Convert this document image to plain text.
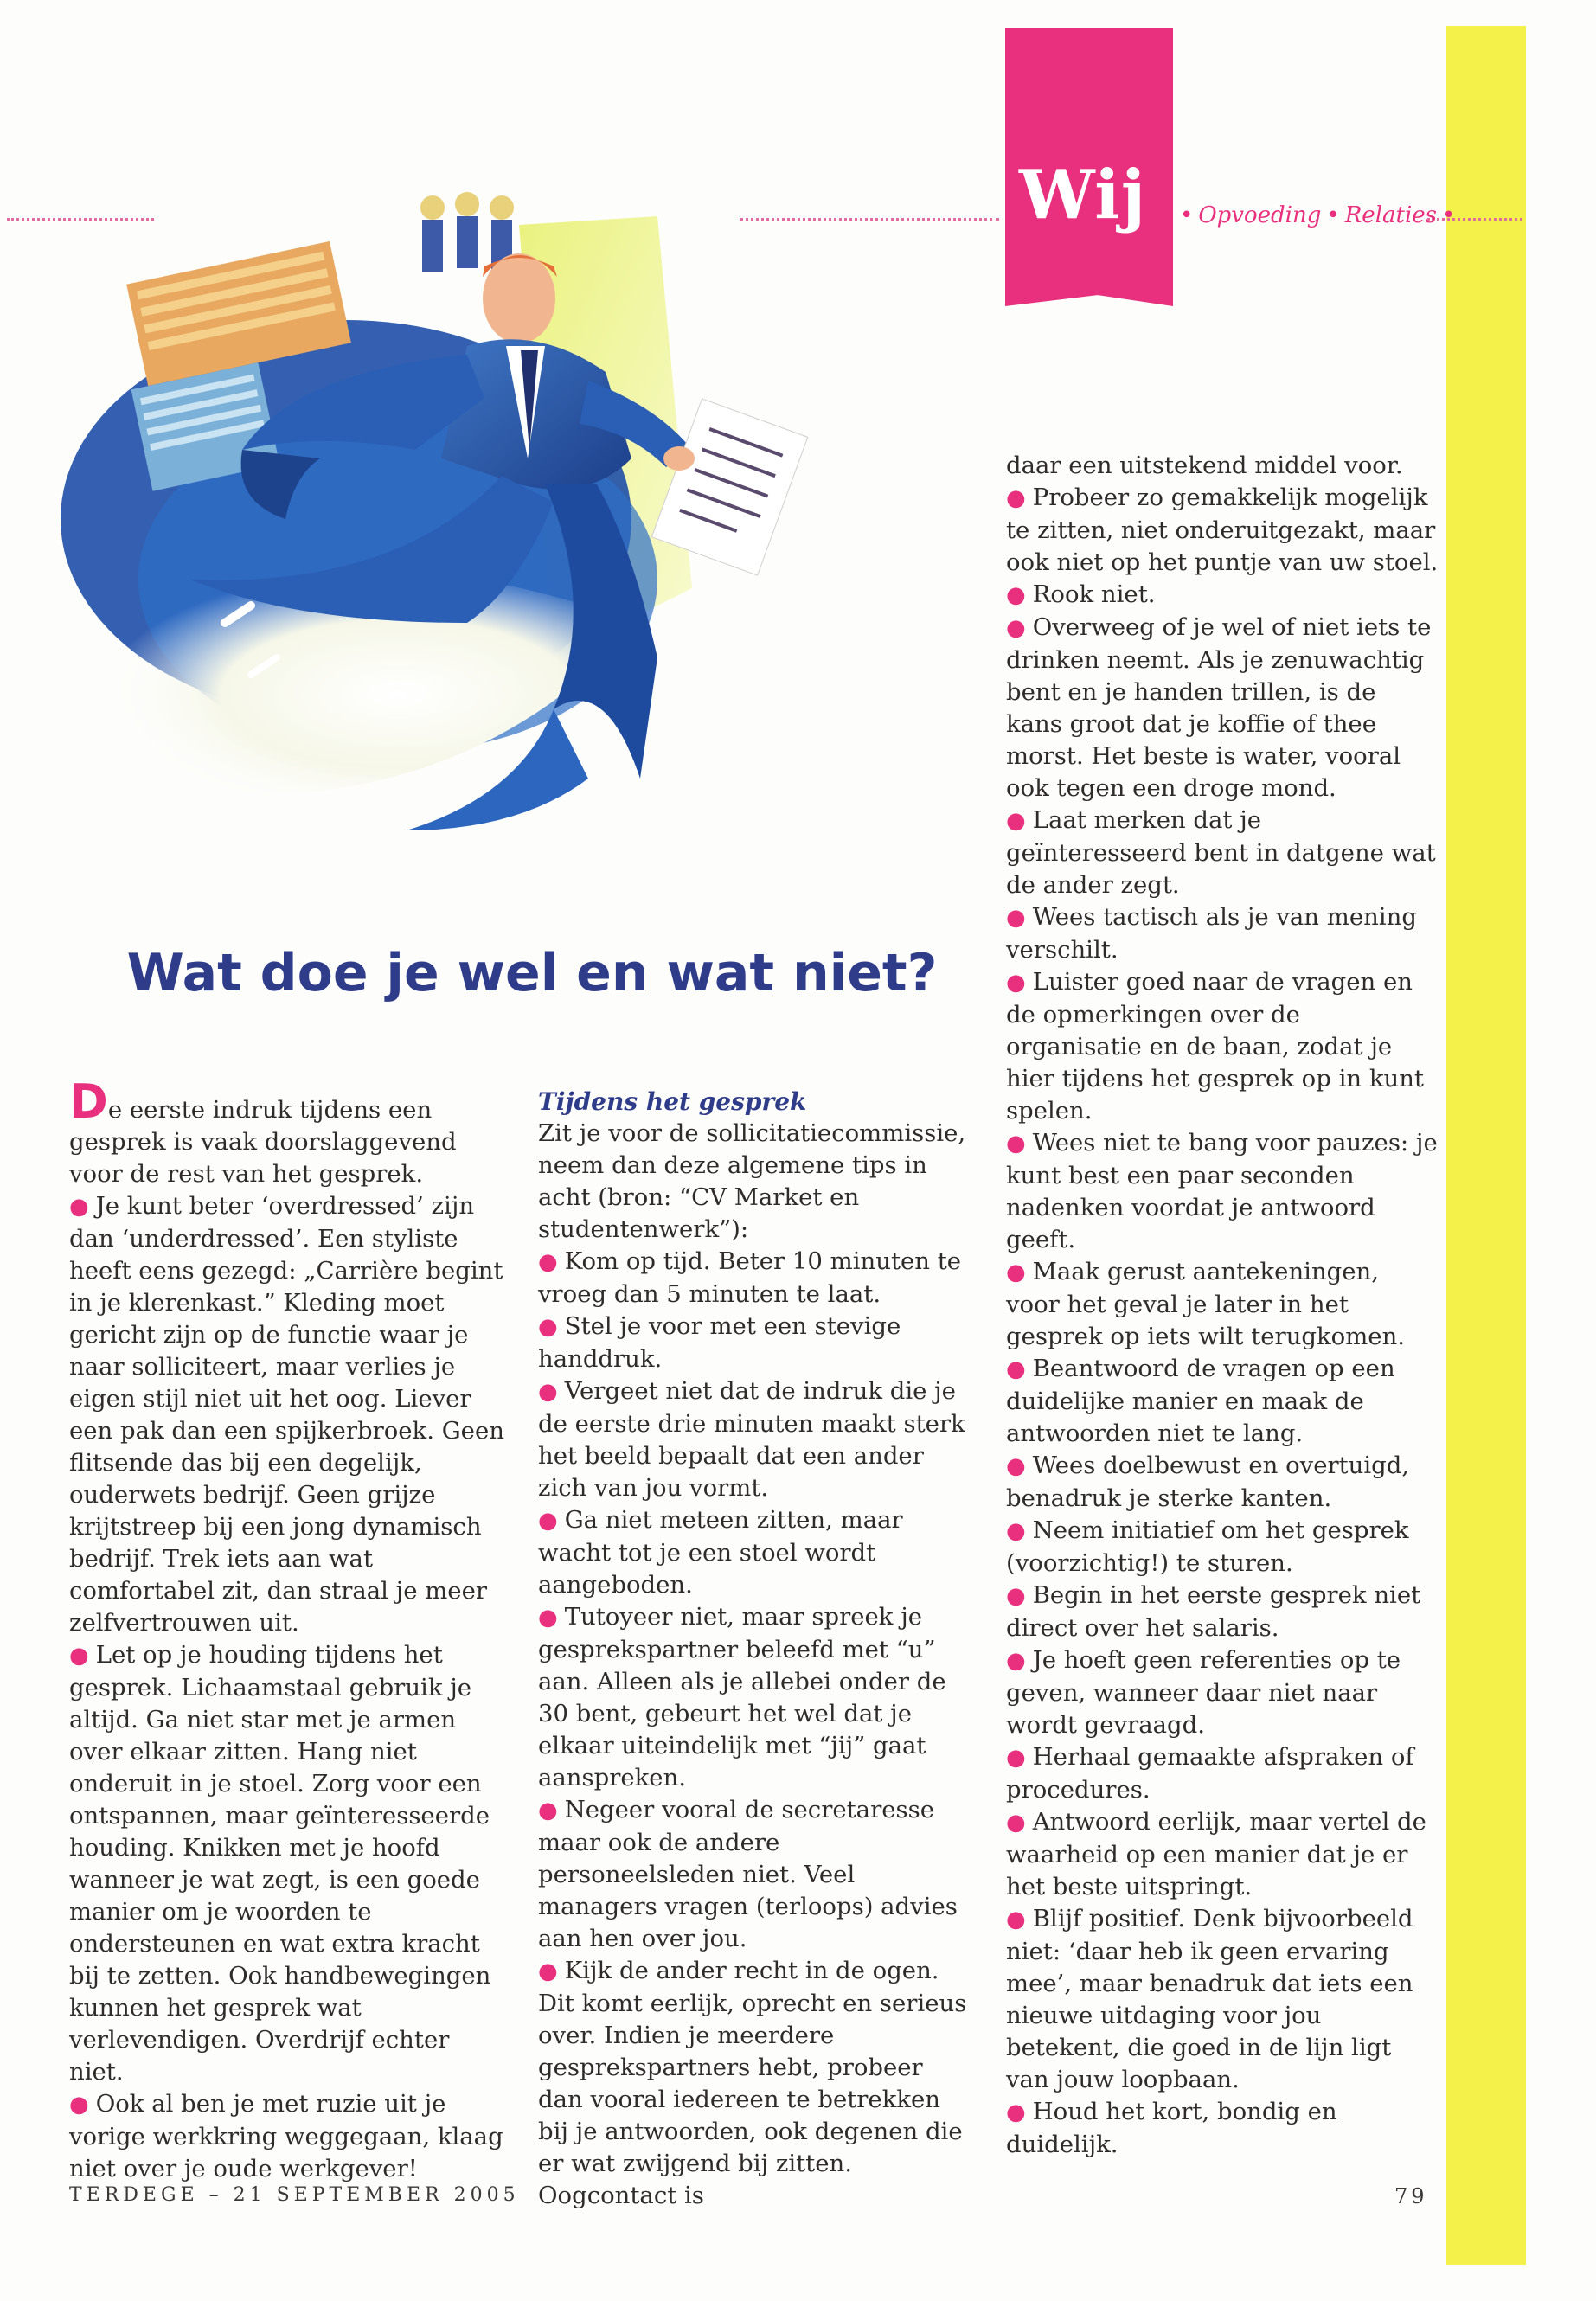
Wij • Opvoeding • Relaties •
Wat doe je wel en wat niet?

De eerste indruk tijdens een gesprek is vaak doorslaggevend voor de rest van het gesprek.

● Je kunt beter ‘overdressed’ zijn dan ‘underdressed’. Een styliste heeft eens gezegd: „Carrière begint in je klerenkast.” Kleding moet gericht zijn op de functie waar je naar solliciteert, maar verlies je eigen stijl niet uit het oog. Liever een pak dan een spijkerbroek. Geen flitsende das bij een degelijk, ouderwets bedrijf. Geen grijze krijtstreep bij een jong dynamisch bedrijf. Trek iets aan wat comfortabel zit, dan straal je meer zelfvertrouwen uit.

● Let op je houding tijdens het gesprek. Lichaamstaal gebruik je altijd. Ga niet star met je armen over elkaar zitten. Hang niet onderuit in je stoel. Zorg voor een ontspannen, maar geïnteresseerde houding. Knikken met je hoofd wanneer je wat zegt, is een goede manier om je woorden te ondersteunen en wat extra kracht bij te zetten. Ook handbewegingen kunnen het gesprek wat verlevendigen. Overdrijf echter niet.

● Ook al ben je met ruzie uit je vorige werkkring weggegaan, klaag niet over je oude werkgever!

Tijdens het gesprek

Zit je voor de sollicitatiecommissie, neem dan deze algemene tips in acht (bron: “CV Market en studentenwerk”):

● Kom op tijd. Beter 10 minuten te vroeg dan 5 minuten te laat.

● Stel je voor met een stevige handdruk.

● Vergeet niet dat de indruk die je de eerste drie minuten maakt sterk het beeld bepaalt dat een ander zich van jou vormt.

● Ga niet meteen zitten, maar wacht tot je een stoel wordt aangeboden.

● Tutoyeer niet, maar spreek je gesprekspartner beleefd met “u” aan. Alleen als je allebei onder de 30 bent, gebeurt het wel dat je elkaar uiteindelijk met “jij” gaat aanspreken.

● Negeer vooral de secretaresse maar ook de andere personeelsleden niet. Veel managers vragen (terloops) advies aan hen over jou.

● Kijk de ander recht in de ogen. Dit komt eerlijk, oprecht en serieus over. Indien je meerdere gesprekspartners hebt, probeer dan vooral iedereen te betrekken bij je antwoorden, ook degenen die er wat zwijgend bij zitten. Oogcontact is

daar een uitstekend middel voor.

● Probeer zo gemakkelijk mogelijk te zitten, niet onderuitgezakt, maar ook niet op het puntje van uw stoel.

● Rook niet.

● Overweeg of je wel of niet iets te drinken neemt. Als je zenuwachtig bent en je handen trillen, is de kans groot dat je koffie of thee morst. Het beste is water, vooral ook tegen een droge mond.

● Laat merken dat je geïnteresseerd bent in datgene wat de ander zegt.

● Wees tactisch als je van mening verschilt.

● Luister goed naar de vragen en de opmerkingen over de organisatie en de baan, zodat je hier tijdens het gesprek op in kunt spelen.

● Wees niet te bang voor pauzes: je kunt best een paar seconden nadenken voordat je antwoord geeft.

● Maak gerust aantekeningen, voor het geval je later in het gesprek op iets wilt terugkomen.

● Beantwoord de vragen op een duidelijke manier en maak de antwoorden niet te lang.

● Wees doelbewust en overtuigd, benadruk je sterke kanten.

● Neem initiatief om het gesprek (voorzichtig!) te sturen.

● Begin in het eerste gesprek niet direct over het salaris.

● Je hoeft geen referenties op te geven, wanneer daar niet naar wordt gevraagd.

● Herhaal gemaakte afspraken of procedures.

● Antwoord eerlijk, maar vertel de waarheid op een manier dat je er het beste uitspringt.

● Blijf positief. Denk bijvoorbeeld niet: ‘daar heb ik geen ervaring mee’, maar benadruk dat iets een nieuwe uitdaging voor jou betekent, die goed in de lijn ligt van jouw loopbaan.

● Houd het kort, bondig en duidelijk.

TERDEGE – 21 SEPTEMBER 2005	79
